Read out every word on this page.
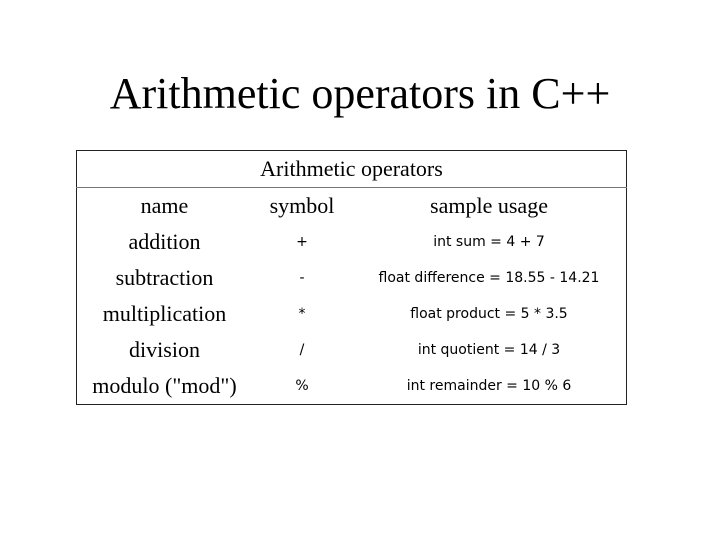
Arithmetic operators in C++
Arithmetic operators		
name	symbol	sample usage
addition	+	int sum = 4 + 7
subtraction	-	float difference = 18.55 - 14.21
multiplication	*	float product = 5 * 3.5
division	/	int quotient = 14 / 3
modulo ("mod")	%	int remainder = 10 % 6
